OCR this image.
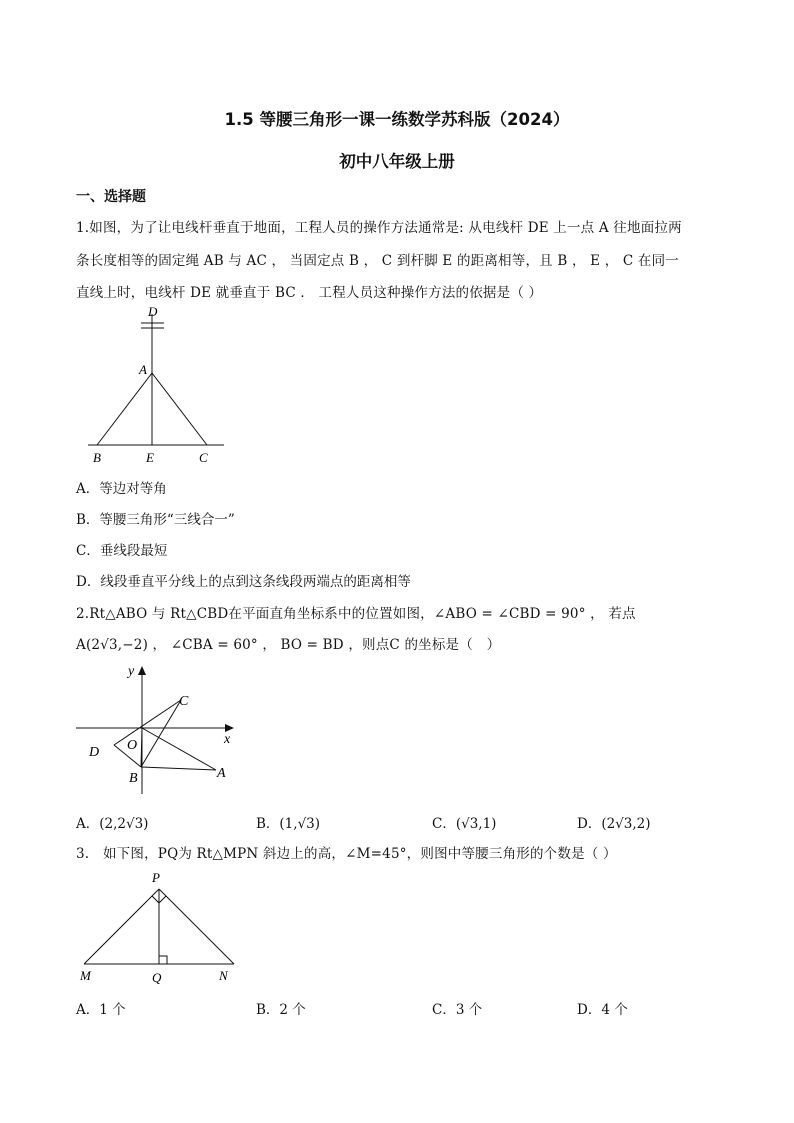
1.5 等腰三角形一课一练数学苏科版（2024）
初中八年级上册
一、选择题
1.如图，为了让电线杆垂直于地面，工程人员的操作方法通常是: 从电线杆 DE 上一点 A 往地面拉两
条长度相等的固定绳 AB 与 AC ， 当固定点 B ， C 到杆脚 E 的距离相等，且 B ， E ， C 在同一
直线上时，电线杆 DE 就垂直于 BC ． 工程人员这种操作方法的依据是（ ）
D
A
B	E	C
A．等边对等角
B．等腰三角形“三线合一”
C．垂线段最短
D．线段垂直平分线上的点到这条线段两端点的距离相等
2.Rt△ABO 与 Rt△CBD在平面直角坐标系中的位置如图，∠ABO = ∠CBD = 90° ， 若点
A(2√3,−2) ， ∠CBA = 60° ， BO = BD ，则点C 的坐标是（　）
y
x
C
O
D
B	A
A．(2,2√3)	B．(1,√3)	C．(√3,1)	D．(2√3,2)
3.　如下图，PQ为 Rt△MPN 斜边上的高，∠M=45°，则图中等腰三角形的个数是（ ）
P
M	Q	N
A．1 个	B．2 个	C．3 个	D．4 个
